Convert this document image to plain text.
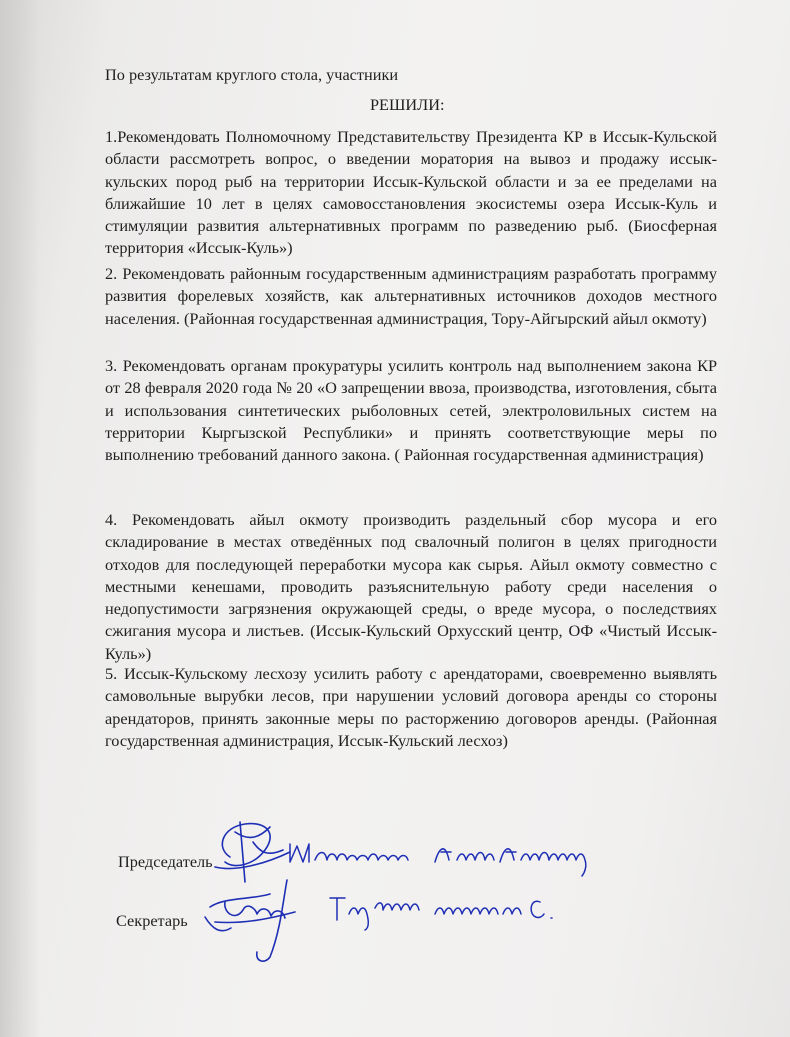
По результатам круглого стола, участники
РЕШИЛИ:
1.Рекомендовать Полномочному Представительству Президента КР в Иссык-Кульской области рассмотреть вопрос, о введении моратория на вывоз и продажу иссык-кульских пород рыб на территории Иссык-Кульской области и за ее пределами на ближайшие 10 лет в целях самовосстановления экосистемы озера Иссык-Куль и стимуляции развития альтернативных программ по разведению рыб. (Биосферная территория «Иссык-Куль»)
2. Рекомендовать районным государственным администрациям разработать программу развития форелевых хозяйств, как альтернативных источников доходов местного населения. (Районная государственная администрация, Тору-Айгырский айыл окмоту)
3. Рекомендовать органам прокуратуры усилить контроль над выполнением закона КР от 28 февраля 2020 года № 20 «О запрещении ввоза, производства, изготовления, сбыта и использования синтетических рыболовных сетей, электроловильных систем на территории Кыргызской Республики» и принять соответствующие меры по выполнению требований данного закона. ( Районная государственная администрация)
4. Рекомендовать айыл окмоту производить раздельный сбор мусора и его складирование в местах отведённых под свалочный полигон в целях пригодности отходов для последующей переработки мусора как сырья. Айыл окмоту совместно с местными кенешами, проводить разъяснительную работу среди населения о недопустимости загрязнения окружающей среды, о вреде мусора, о последствиях сжигания мусора и листьев. (Иссык-Кульский Орхусский центр, ОФ «Чистый Иссык-Куль»)
5. Иссык-Кульскому лесхозу усилить работу с арендаторами, своевременно выявлять самовольные вырубки лесов, при нарушении условий договора аренды со стороны арендаторов, принять законные меры по расторжению договоров аренды. (Районная государственная администрация, Иссык-Кульский лесхоз)
Председатель
Секретарь
